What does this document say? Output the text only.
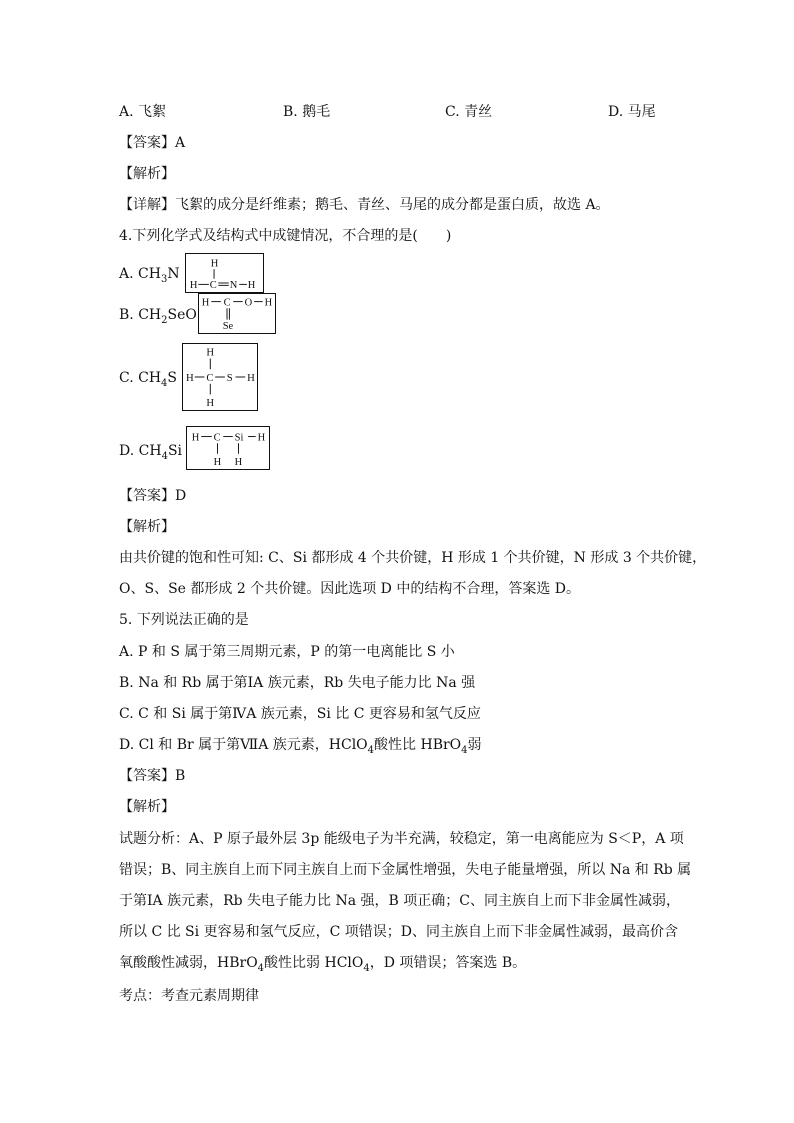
A. 飞絮	B. 鹅毛	C. 青丝	D. 马尾
【答案】A
【解析】
【详解】飞絮的成分是纤维素；鹅毛、青丝、马尾的成分都是蛋白质，故选 A。
4.下列化学式及结构式中成键情况，不合理的是(　　)
A. $CH_3N$
H
H C N H
B. $CH_2SeO$
H C O H
Se
C. $CH_4S$
H
H C S H
H
D. $CH_4Si$
H C Si H
H H
【答案】D
【解析】
由共价键的饱和性可知: C、Si 都形成 4 个共价键，H 形成 1 个共价键，N 形成 3 个共价键，
O、S、Se 都形成 2 个共价键。因此选项 D 中的结构不合理，答案选 D。
5. 下列说法正确的是
A. P 和 S 属于第三周期元素，P 的第一电离能比 S 小
B. Na 和 Rb 属于第ⅠA 族元素，Rb 失电子能力比 Na 强
C. C 和 Si 属于第ⅣA 族元素，Si 比 C 更容易和氢气反应
D. Cl 和 Br 属于第ⅦA 族元素，HClO$_4$酸性比 HBrO$_4$弱
【答案】B
【解析】
试题分析：A、P 原子最外层 3p 能级电子为半充满，较稳定，第一电离能应为 S＜P，A 项
错误；B、同主族自上而下同主族自上而下金属性增强，失电子能量增强，所以 Na 和 Rb 属
于第ⅠA 族元素，Rb 失电子能力比 Na 强，B 项正确；C、同主族自上而下非金属性减弱，
所以 C 比 Si 更容易和氢气反应，C 项错误；D、同主族自上而下非金属性减弱，最高价含
氧酸酸性减弱，HBrO$_4$酸性比弱 HClO$_4$，D 项错误；答案选 B。
考点：考查元素周期律
